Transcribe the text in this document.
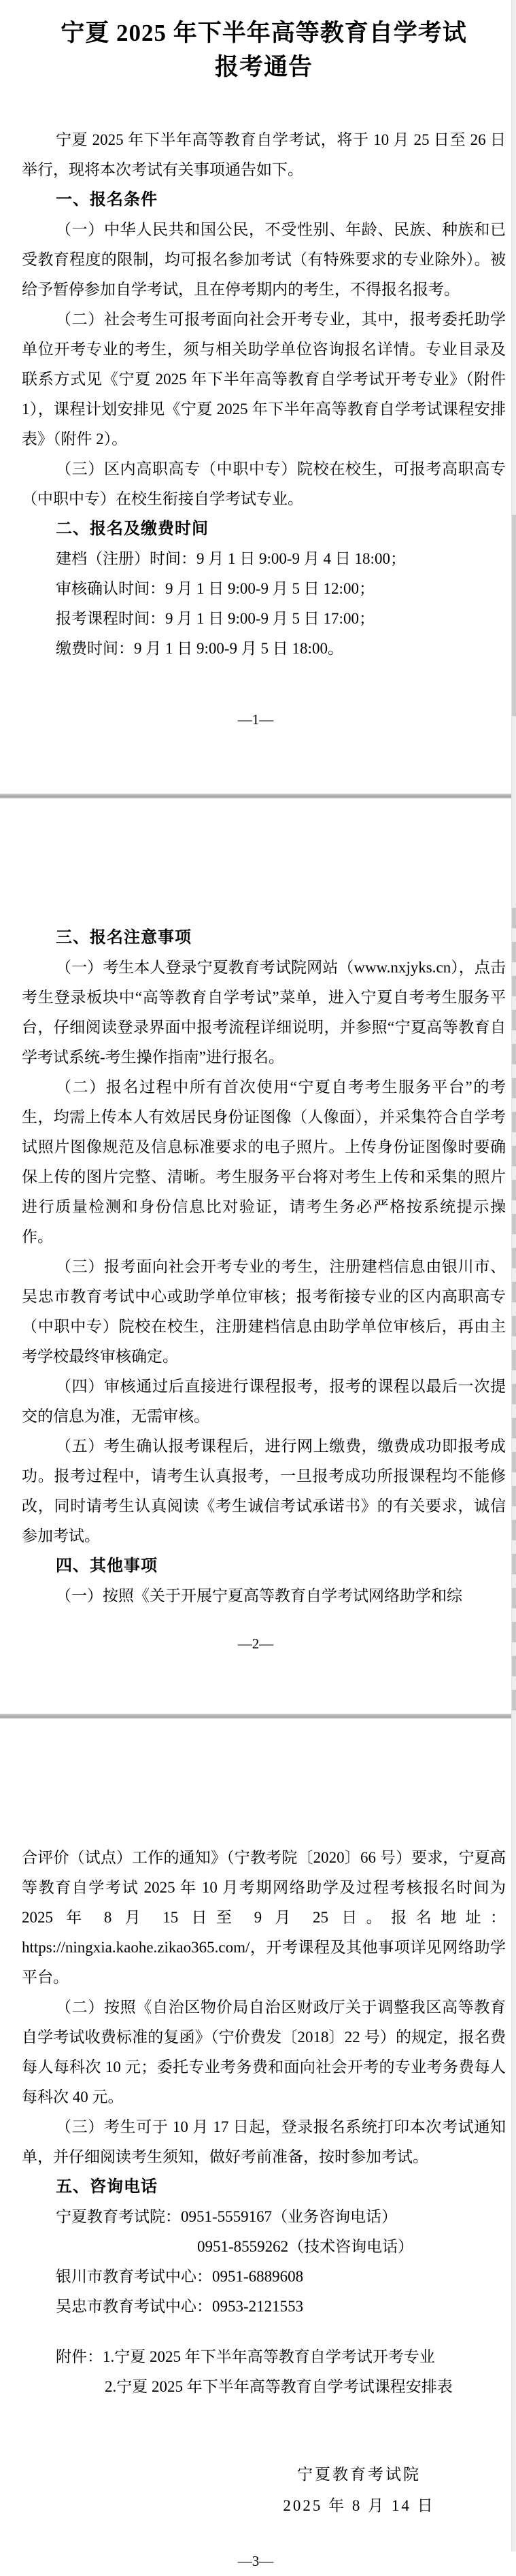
宁夏 2025 年下半年高等教育自学考试
报考通告

宁夏 2025 年下半年高等教育自学考试，将于 10 月 25 日至 26 日举行，现将本次考试有关事项通告如下。

一、报名条件

（一）中华人民共和国公民，不受性别、年龄、民族、种族和已受教育程度的限制，均可报名参加考试（有特殊要求的专业除外）。被给予暂停参加自学考试，且在停考期内的考生，不得报名报考。

（二）社会考生可报考面向社会开考专业，其中，报考委托助学单位开考专业的考生，须与相关助学单位咨询报名详情。专业目录及联系方式见《宁夏 2025 年下半年高等教育自学考试开考专业》（附件 1），课程计划安排见《宁夏 2025 年下半年高等教育自学考试课程安排表》（附件 2）。

（三）区内高职高专（中职中专）院校在校生，可报考高职高专（中职中专）在校生衔接自学考试专业。

二、报名及缴费时间
建档（注册）时间：9 月 1 日 9:00-9 月 4 日 18:00；
审核确认时间：9 月 1 日 9:00-9 月 5 日 12:00；
报考课程时间：9 月 1 日 9:00-9 月 5 日 17:00；
缴费时间：9 月 1 日 9:00-9 月 5 日 18:00。
—1—
三、报名注意事项

（一）考生本人登录宁夏教育考试院网站（www.nxjyks.cn），点击考生登录板块中“高等教育自学考试”菜单，进入宁夏自考考生服务平台，仔细阅读登录界面中报考流程详细说明，并参照“宁夏高等教育自学考试系统-考生操作指南”进行报名。

（二）报名过程中所有首次使用“宁夏自考考生服务平台”的考生，均需上传本人有效居民身份证图像（人像面），并采集符合自学考试照片图像规范及信息标准要求的电子照片。上传身份证图像时要确保上传的图片完整、清晰。考生服务平台将对考生上传和采集的照片进行质量检测和身份信息比对验证，请考生务必严格按系统提示操作。

（三）报考面向社会开考专业的考生，注册建档信息由银川市、吴忠市教育考试中心或助学单位审核；报考衔接专业的区内高职高专（中职中专）院校在校生，注册建档信息由助学单位审核后，再由主考学校最终审核确定。

（四）审核通过后直接进行课程报考，报考的课程以最后一次提交的信息为准，无需审核。

（五）考生确认报考课程后，进行网上缴费，缴费成功即报考成功。报考过程中，请考生认真报考，一旦报考成功所报课程均不能修改，同时请考生认真阅读《考生诚信考试承诺书》的有关要求，诚信参加考试。

四、其他事项

（一）按照《关于开展宁夏高等教育自学考试网络助学和综

—2—

合评价（试点）工作的通知》（宁教考院〔2020〕66 号）要求，宁夏高等教育自学考试 2025 年 10 月考期网络助学及过程考核报名时间为 2025 年 8 月 15 日至 9 月 25 日。报名地址：https://ningxia.kaohe.zikao365.com/，开考课程及其他事项详见网络助学平台。

（二）按照《自治区物价局自治区财政厅关于调整我区高等教育自学考试收费标准的复函》（宁价费发〔2018〕22 号）的规定，报名费每人每科次 10 元；委托专业考务费和面向社会开考的专业考务费每人每科次 40 元。

（三）考生可于 10 月 17 日起，登录报名系统打印本次考试通知单，并仔细阅读考生须知，做好考前准备，按时参加考试。

五、咨询电话
宁夏教育考试院：0951-5559167（业务咨询电话）
0951-8559262（技术咨询电话）
银川市教育考试中心：0951-6889608
吴忠市教育考试中心：0953-2121553
附件：1.宁夏 2025 年下半年高等教育自学考试开考专业
2.宁夏 2025 年下半年高等教育自学考试课程安排表
宁夏教育考试院
2025 年 8 月 14 日
—3—
